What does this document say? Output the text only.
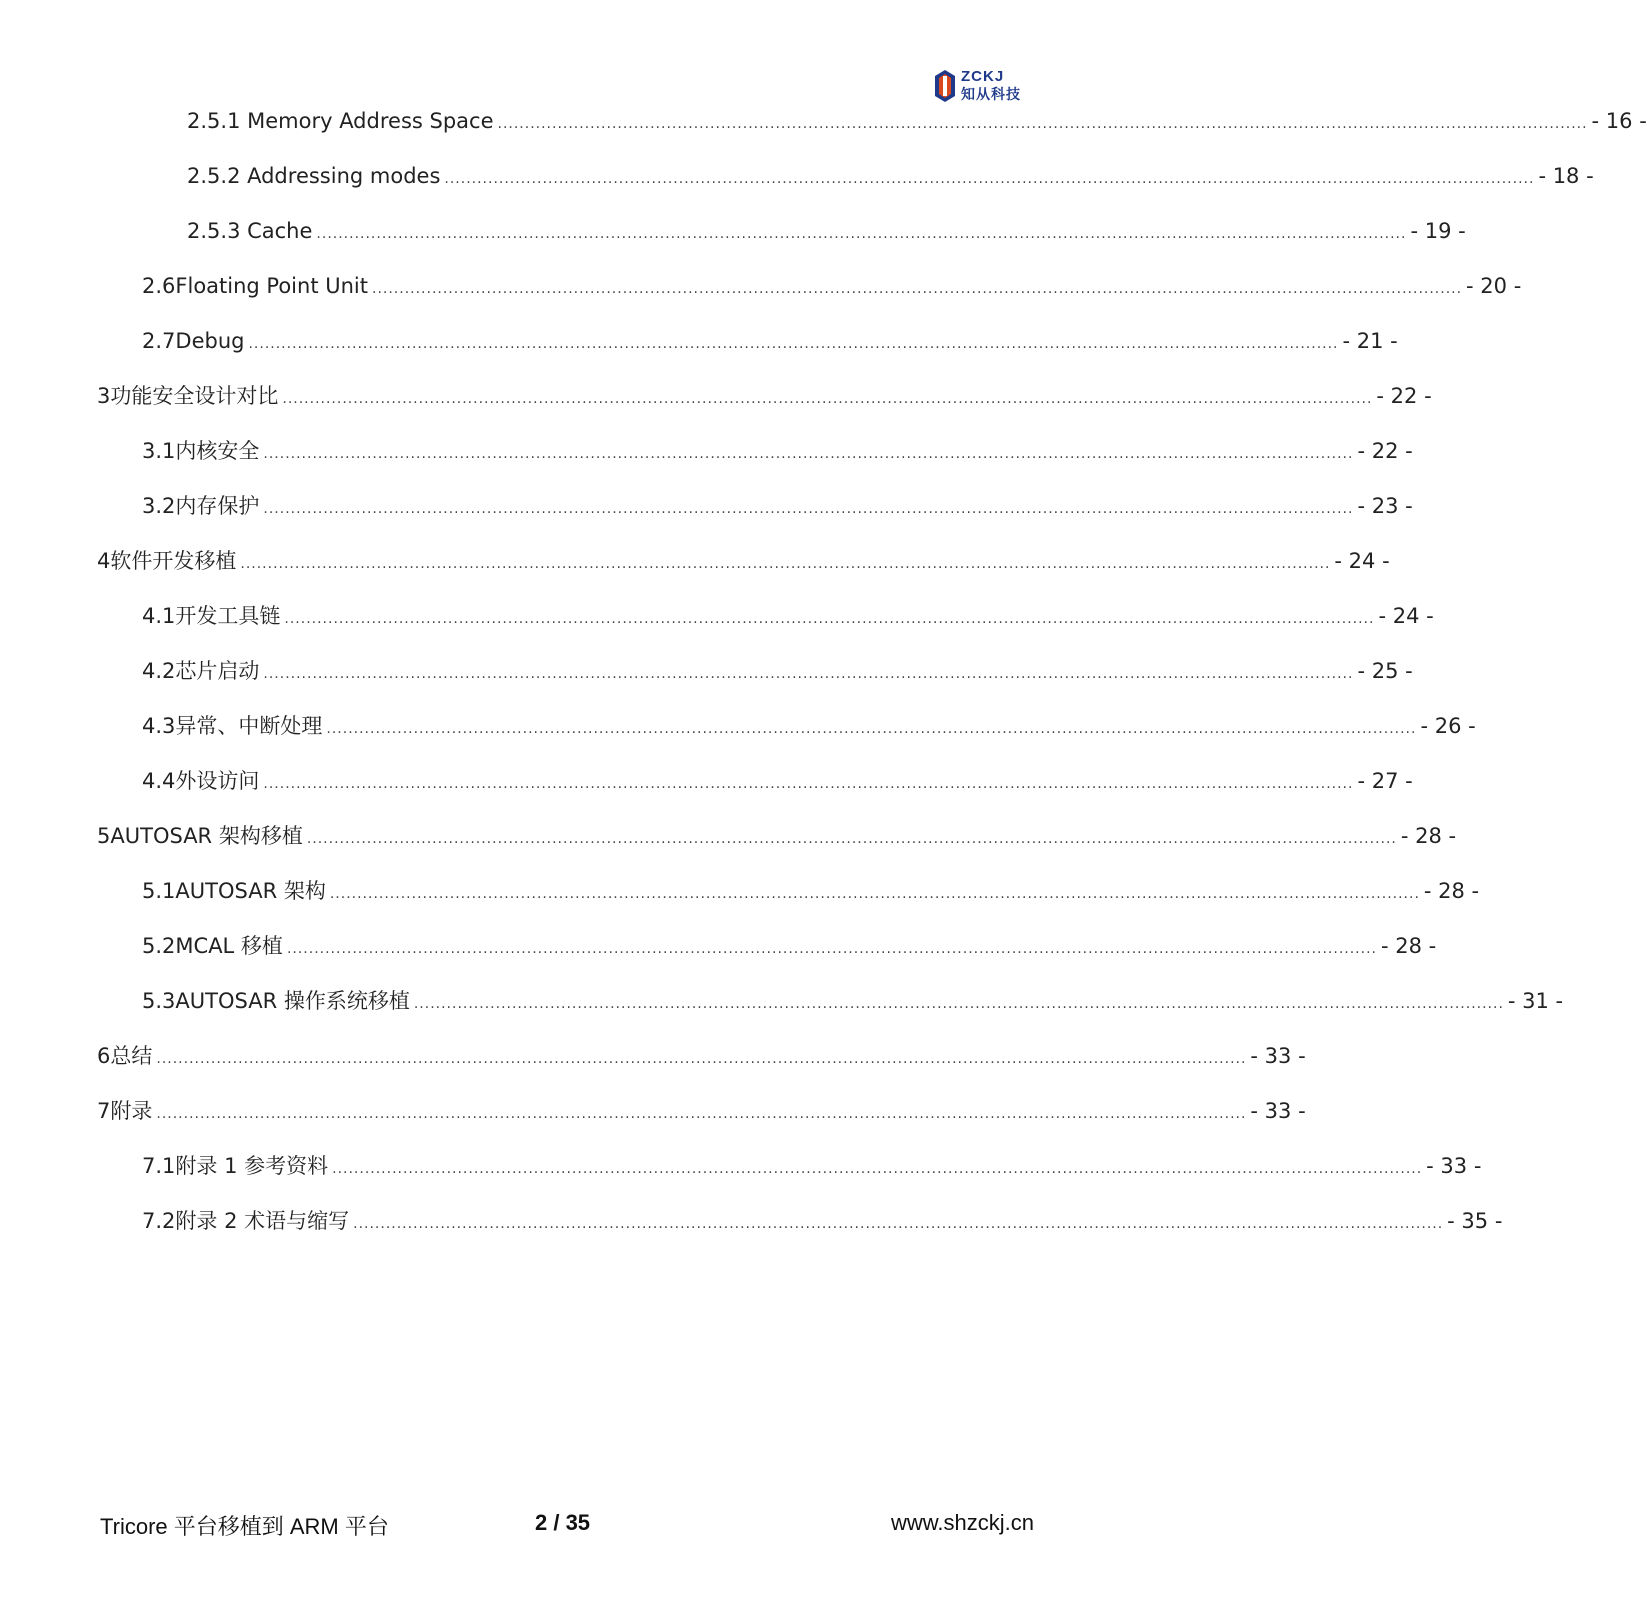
ZCKJ
知从科技
2.5.1 Memory Address Space ........................................................................................................................................................................................................ - 16 -
2.5.2 Addressing modes ........................................................................................................................................................................................................ - 18 -
2.5.3 Cache ........................................................................................................................................................................................................ - 19 -
2.6 Floating Point Unit ........................................................................................................................................................................................................ - 20 -
2.7 Debug ........................................................................................................................................................................................................ - 21 -
3 功能安全设计对比 ........................................................................................................................................................................................................ - 22 -
3.1 内核安全 ........................................................................................................................................................................................................ - 22 -
3.2 内存保护 ........................................................................................................................................................................................................ - 23 -
4 软件开发移植 ........................................................................................................................................................................................................ - 24 -
4.1 开发工具链 ........................................................................................................................................................................................................ - 24 -
4.2 芯片启动 ........................................................................................................................................................................................................ - 25 -
4.3 异常、中断处理 ........................................................................................................................................................................................................ - 26 -
4.4 外设访问 ........................................................................................................................................................................................................ - 27 -
5 AUTOSAR 架构移植 ........................................................................................................................................................................................................ - 28 -
5.1 AUTOSAR 架构 ........................................................................................................................................................................................................ - 28 -
5.2 MCAL 移植 ........................................................................................................................................................................................................ - 28 -
5.3 AUTOSAR 操作系统移植 ........................................................................................................................................................................................................ - 31 -
6 总结 ........................................................................................................................................................................................................ - 33 -
7 附录 ........................................................................................................................................................................................................ - 33 -
7.1 附录 1 参考资料 ........................................................................................................................................................................................................ - 33 -
7.2 附录 2 术语与缩写 ........................................................................................................................................................................................................ - 35 -
Tricore 平台移植到 ARM 平台	2 / 35	www.shzckj.cn
